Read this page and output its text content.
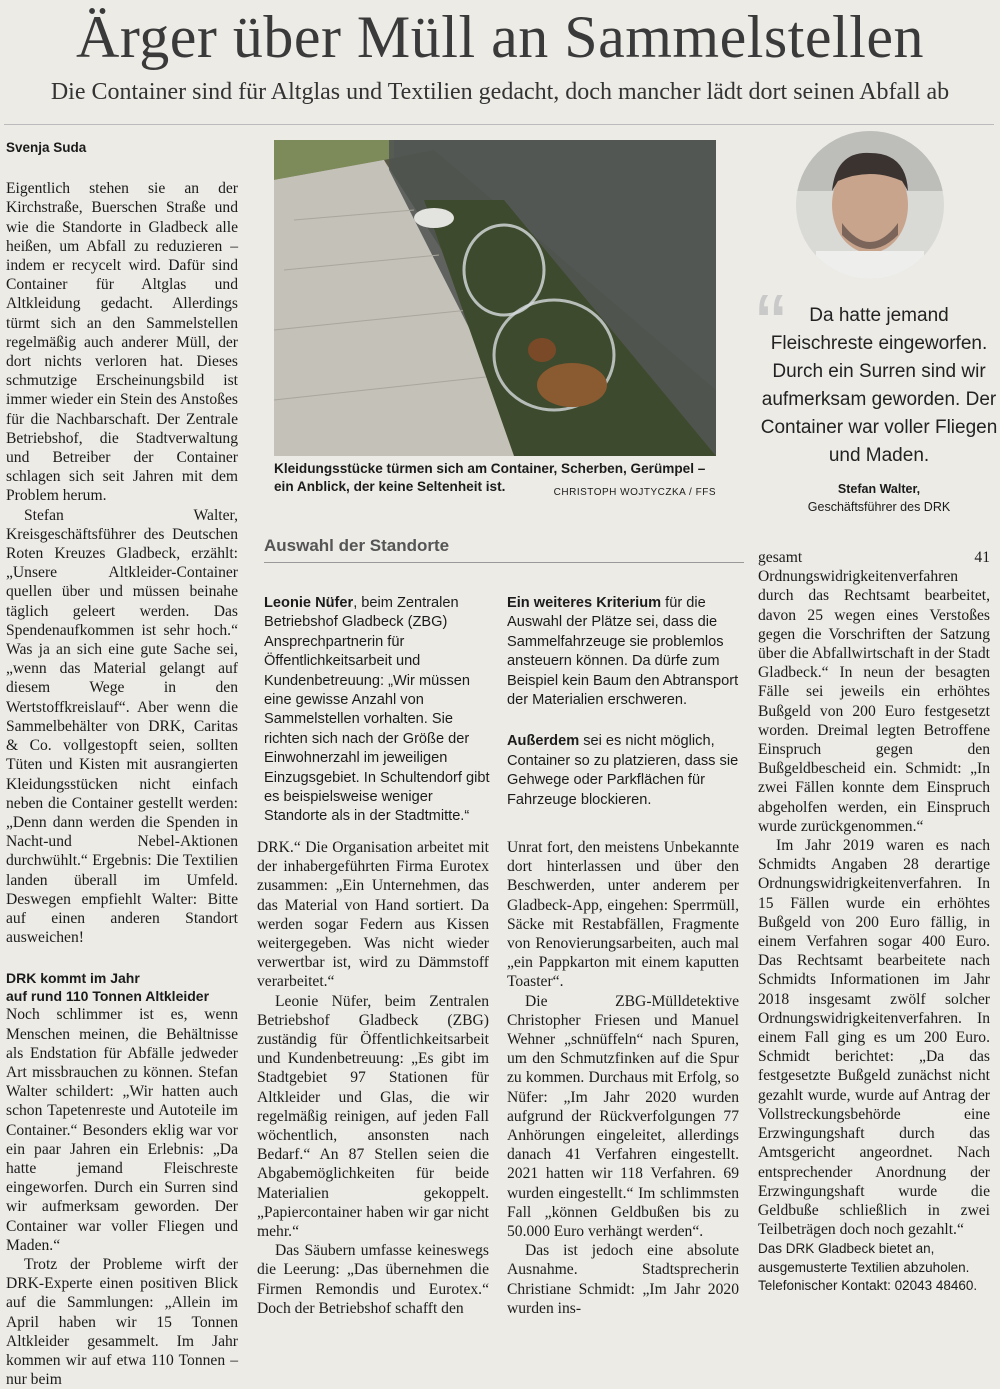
Ärger über Müll an Sammelstellen
Die Container sind für Altglas und Textilien gedacht, doch mancher lädt dort seinen Abfall ab
Svenja Suda

Eigentlich stehen sie an der Kirchstraße, Buerschen Straße und wie die Standorte in Gladbeck alle heißen, um Abfall zu reduzieren – indem er recycelt wird. Dafür sind Container für Altglas und Altkleidung gedacht. Allerdings türmt sich an den Sammelstellen regelmäßig auch anderer Müll, der dort nichts verloren hat. Dieses schmutzige Erscheinungsbild ist immer wieder ein Stein des Anstoßes für die Nachbarschaft. Der Zentrale Betriebshof, die Stadtverwaltung und Betreiber der Container schlagen sich seit Jahren mit dem Problem herum.

Stefan Walter, Kreisgeschäftsführer des Deutschen Roten Kreuzes Gladbeck, erzählt: „Unsere Altkleider-Container quellen über und müssen beinahe täglich geleert werden. Das Spendenaufkommen ist sehr hoch.“ Was ja an sich eine gute Sache sei, „wenn das Material gelangt auf diesem Wege in den Wertstoffkreislauf“. Aber wenn die Sammelbehälter von DRK, Caritas & Co. vollgestopft seien, sollten Tüten und Kisten mit ausrangierten Kleidungsstücken nicht einfach neben die Container gestellt werden: „Denn dann werden die Spenden in Nacht-und Nebel-Aktionen durchwühlt.“ Ergebnis: Die Textilien landen überall im Umfeld. Deswegen empfiehlt Walter: Bitte auf einen anderen Standort ausweichen!

DRK kommt im Jahr
auf rund 110 Tonnen Altkleider

Noch schlimmer ist es, wenn Menschen meinen, die Behältnisse als Endstation für Abfälle jedweder Art missbrauchen zu können. Stefan Walter schildert: „Wir hatten auch schon Tapetenreste und Autoteile im Container.“ Besonders eklig war vor ein paar Jahren ein Erlebnis: „Da hatte jemand Fleischreste eingeworfen. Durch ein Surren sind wir aufmerksam geworden. Der Container war voller Fliegen und Maden.“

Trotz der Probleme wirft der DRK-Experte einen positiven Blick auf die Sammlungen: „Allein im April haben wir 15 Tonnen Altkleider gesammelt. Im Jahr kommen wir auf etwa 110 Tonnen – nur beim

Kleidungsstücke türmen sich am Container, Scherben, Gerümpel – ein Anblick, der keine Seltenheit ist.	CHRISTOPH WOJTYCZKA / FFS
Auswahl der Standorte
Leonie Nüfer, beim Zentralen Betriebshof Gladbeck (ZBG) Ansprechpartnerin für Öffentlichkeitsarbeit und Kundenbetreuung: „Wir müssen eine gewisse Anzahl von Sammelstellen vorhalten. Sie richten sich nach der Größe der Einwohnerzahl im jeweiligen Einzugsgebiet. In Schultendorf gibt es beispielsweise weniger Standorte als in der Stadtmitte.“
Ein weiteres Kriterium für die Auswahl der Plätze sei, dass die Sammelfahrzeuge sie problemlos ansteuern können. Da dürfe zum Beispiel kein Baum den Abtransport der Materialien erschweren.
Außerdem sei es nicht möglich, Container so zu platzieren, dass sie Gehwege oder Parkflächen für Fahrzeuge blockieren.

DRK.“ Die Organisation arbeitet mit der inhabergeführten Firma Eurotex zusammen: „Ein Unternehmen, das das Material von Hand sortiert. Da werden sogar Federn aus Kissen weitergegeben. Was nicht wieder verwertbar ist, wird zu Dämmstoff verarbeitet.“

Leonie Nüfer, beim Zentralen Betriebshof Gladbeck (ZBG) zuständig für Öffentlichkeitsarbeit und Kundenbetreuung: „Es gibt im Stadtgebiet 97 Stationen für Altkleider und Glas, die wir regelmäßig reinigen, auf jeden Fall wöchentlich, ansonsten nach Bedarf.“ An 87 Stellen seien die Abgabemöglichkeiten für beide Materialien gekoppelt. „Papiercontainer haben wir gar nicht mehr.“

Das Säubern umfasse keineswegs die Leerung: „Das übernehmen die Firmen Remondis und Eurotex.“ Doch der Betriebshof schafft den

Unrat fort, den meistens Unbekannte dort hinterlassen und über den Beschwerden, unter anderem per Gladbeck-App, eingehen: Sperrmüll, Säcke mit Restabfällen, Fragmente von Renovierungsarbeiten, auch mal „ein Pappkarton mit einem kaputten Toaster“.

Die ZBG-Mülldetektive Christopher Friesen und Manuel Wehner „schnüffeln“ nach Spuren, um den Schmutzfinken auf die Spur zu kommen. Durchaus mit Erfolg, so Nüfer: „Im Jahr 2020 wurden aufgrund der Rückverfolgungen 77 Anhörungen eingeleitet, allerdings danach 41 Verfahren eingestellt. 2021 hatten wir 118 Verfahren. 69 wurden eingestellt.“ Im schlimmsten Fall „können Geldbußen bis zu 50.000 Euro verhängt werden“.

Das ist jedoch eine absolute Ausnahme. Stadtsprecherin Christiane Schmidt: „Im Jahr 2020 wurden ins-

“	Da hatte jemand Fleischreste eingeworfen. Durch ein Surren sind wir aufmerksam geworden. Der Container war voller Fliegen und Maden.
Stefan Walter,
Geschäftsführer des DRK

gesamt 41 Ordnungswidrigkeitenverfahren durch das Rechtsamt bearbeitet, davon 25 wegen eines Verstoßes gegen die Vorschriften der Satzung über die Abfallwirtschaft in der Stadt Gladbeck.“ In neun der besagten Fälle sei jeweils ein erhöhtes Bußgeld von 200 Euro festgesetzt worden. Dreimal legten Betroffene Einspruch gegen den Bußgeldbescheid ein. Schmidt: „In zwei Fällen konnte dem Einspruch abgeholfen werden, ein Einspruch wurde zurückgenommen.“

Im Jahr 2019 waren es nach Schmidts Angaben 28 derartige Ordnungswidrigkeitenverfahren. In 15 Fällen wurde ein erhöhtes Bußgeld von 200 Euro fällig, in einem Verfahren sogar 400 Euro. Das Rechtsamt bearbeitete nach Schmidts Informationen im Jahr 2018 insgesamt zwölf solcher Ordnungswidrigkeitenverfahren. In einem Fall ging es um 200 Euro. Schmidt berichtet: „Da das festgesetzte Bußgeld zunächst nicht gezahlt wurde, wurde auf Antrag der Vollstreckungsbehörde eine Erzwingungshaft durch das Amtsgericht angeordnet. Nach entsprechender Anordnung der Erzwingungshaft wurde die Geldbuße schließlich in zwei Teilbeträgen doch noch gezahlt.“

Das DRK Gladbeck bietet an, ausgemusterte Textilien abzuholen. Telefonischer Kontakt: 02043 48460.
